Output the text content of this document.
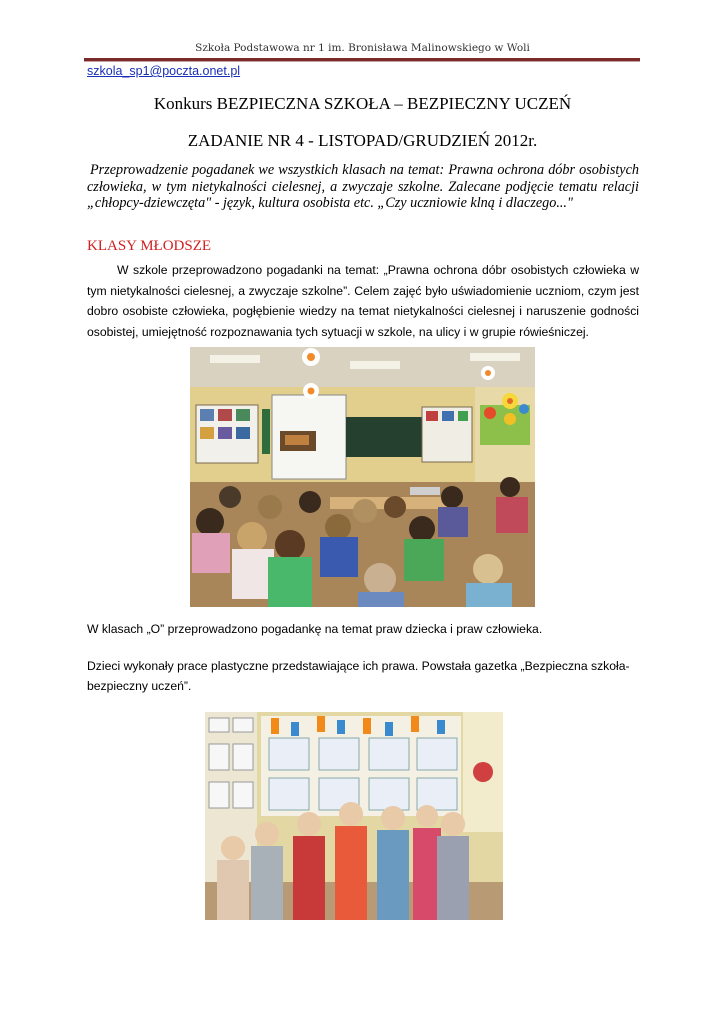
Szkoła Podstawowa nr 1 im. Bronisława Malinowskiego w Woli
szkola_sp1@poczta.onet.pl
Konkurs BEZPIECZNA SZKOŁA – BEZPIECZNY UCZEŃ
ZADANIE NR 4 - LISTOPAD/GRUDZIEŃ 2012r.
Przeprowadzenie pogadanek we wszystkich klasach na temat: Prawna ochrona dóbr osobistych człowieka, w tym nietykalności cielesnej, a zwyczaje szkolne. Zalecane podjęcie tematu relacji „chłopcy-dziewczęta" - język, kultura osobista etc. „Czy uczniowie klną i dlaczego..."
KLASY MŁODSZE
W szkole przeprowadzono pogadanki na temat: „Prawna ochrona dóbr osobistych człowieka w tym nietykalności cielesnej, a zwyczaje szkolne”. Celem zajęć było uświadomienie uczniom, czym jest dobro osobiste człowieka, pogłębienie wiedzy na temat nietykalności cielesnej i naruszenie godności osobistej, umiejętność rozpoznawania tych sytuacji w szkole, na ulicy i w grupie rówieśniczej.
W klasach „O” przeprowadzono pogadankę na temat praw dziecka i praw człowieka.
Dzieci wykonały prace plastyczne przedstawiające ich prawa. Powstała gazetka „Bezpieczna szkoła-bezpieczny uczeń”.
